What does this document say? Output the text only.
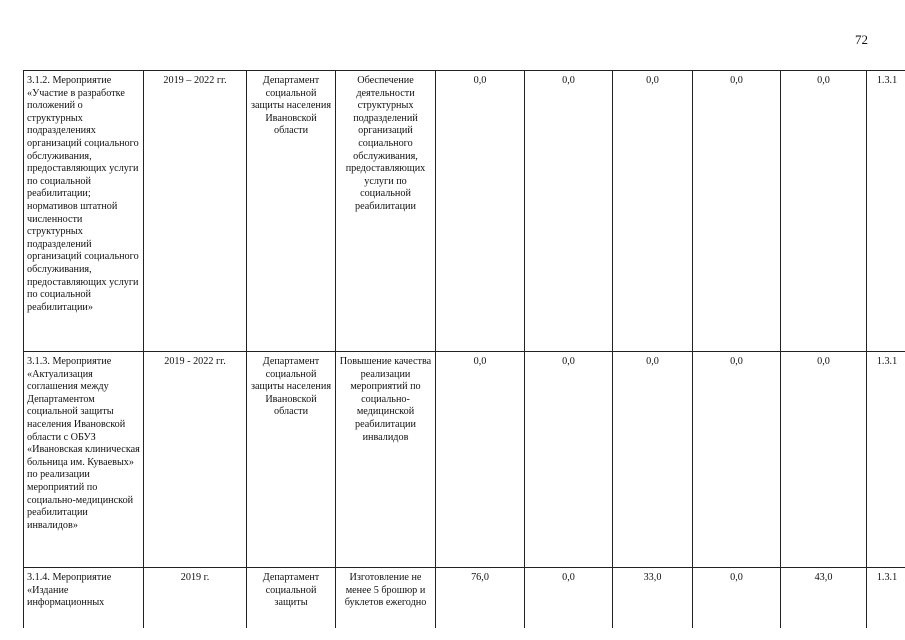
72
3.1.2. Мероприятие «Участие в разработке положений о структурных подразделениях организаций социального обслуживания, предоставляющих услуги по социальной реабилитации; нормативов штатной численности структурных подразделений организаций социального обслуживания, предоставляющих услуги по социальной реабилитации»	2019 – 2022 гг.	Департамент социальной защиты населения Ивановской области	Обеспечение деятельности структурных подразделений организаций социального обслуживания, предоставляющих услуги по социальной реабилитации	0,0	0,0	0,0	0,0	0,0	1.3.1
3.1.3. Мероприятие «Актуализация соглашения между Департаментом социальной защиты населения Ивановской области с ОБУЗ «Ивановская клиническая больница им. Куваевых» по реализации мероприятий по социально-медицинской реабилитации инвалидов»	2019 - 2022 гг.	Департамент социальной защиты населения Ивановской области	Повышение качества реализации мероприятий по социально-медицинской реабилитации инвалидов	0,0	0,0	0,0	0,0	0,0	1.3.1
3.1.4. Мероприятие «Издание информационных	2019 г.	Департамент социальной защиты	Изготовление не менее 5 брошюр и буклетов ежегодно	76,0	0,0	33,0	0,0	43,0	1.3.1
